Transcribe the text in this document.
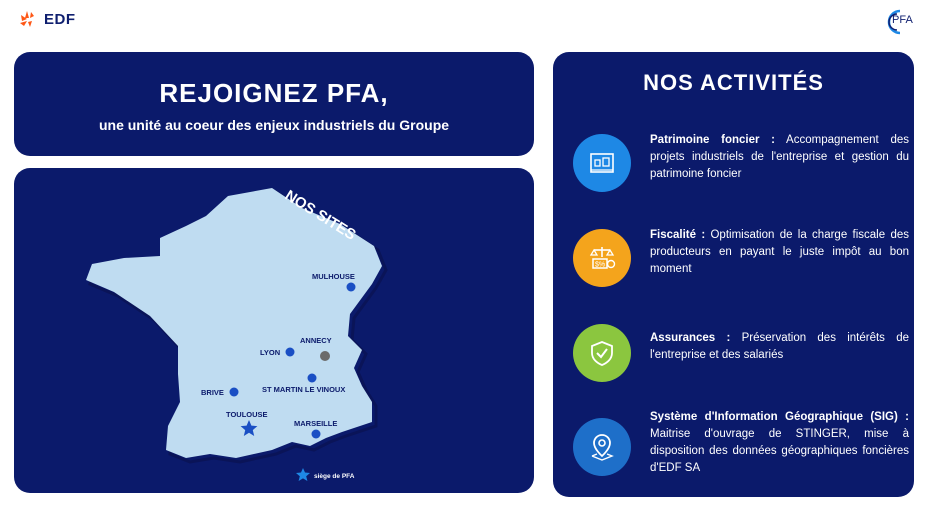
EDF	PFA
REJOIGNEZ PFA,
une unité au coeur des enjeux industriels du Groupe
NOS SITES
MULHOUSE
ANNECY
LYON
ST MARTIN LE VINOUX
BRIVE
TOULOUSE
MARSEILLE
siège de PFA
NOS ACTIVITÉS
Patrimoine foncier : Accompagnement des projets industriels de l'entreprise et gestion du patrimoine foncier
$%
Fiscalité : Optimisation de la charge fiscale des producteurs en payant le juste impôt au bon moment
Assurances : Préservation des intérêts de l'entreprise et des salariés
Système d'Information Géographique (SIG) : Maitrise d'ouvrage de STINGER, mise à disposition des données géographiques foncières d'EDF SA
